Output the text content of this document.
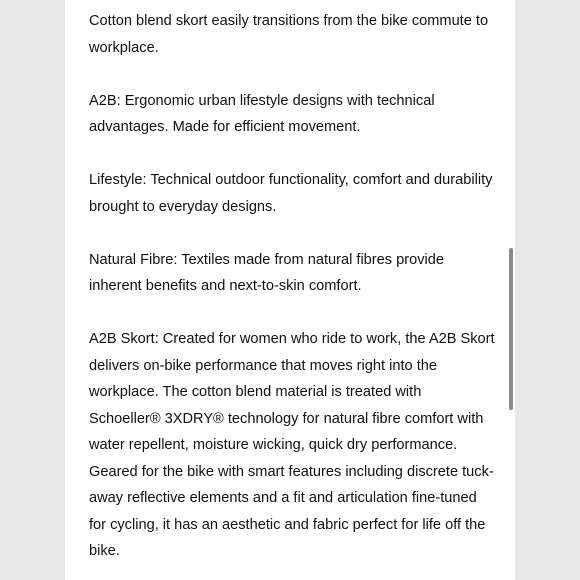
Cotton blend skort easily transitions from the bike commute to
workplace.

A2B: Ergonomic urban lifestyle designs with technical
advantages. Made for efficient movement.

Lifestyle: Technical outdoor functionality, comfort and durability
brought to everyday designs.

Natural Fibre: Textiles made from natural fibres provide
inherent benefits and next-to-skin comfort.

A2B Skort: Created for women who ride to work, the A2B Skort
delivers on-bike performance that moves right into the
workplace. The cotton blend material is treated with
Schoeller® 3XDRY® technology for natural fibre comfort with
water repellent, moisture wicking, quick dry performance.
Geared for the bike with smart features including discrete tuck-
away reflective elements and a fit and articulation fine-tuned
for cycling, it has an aesthetic and fabric perfect for life off the
bike.
